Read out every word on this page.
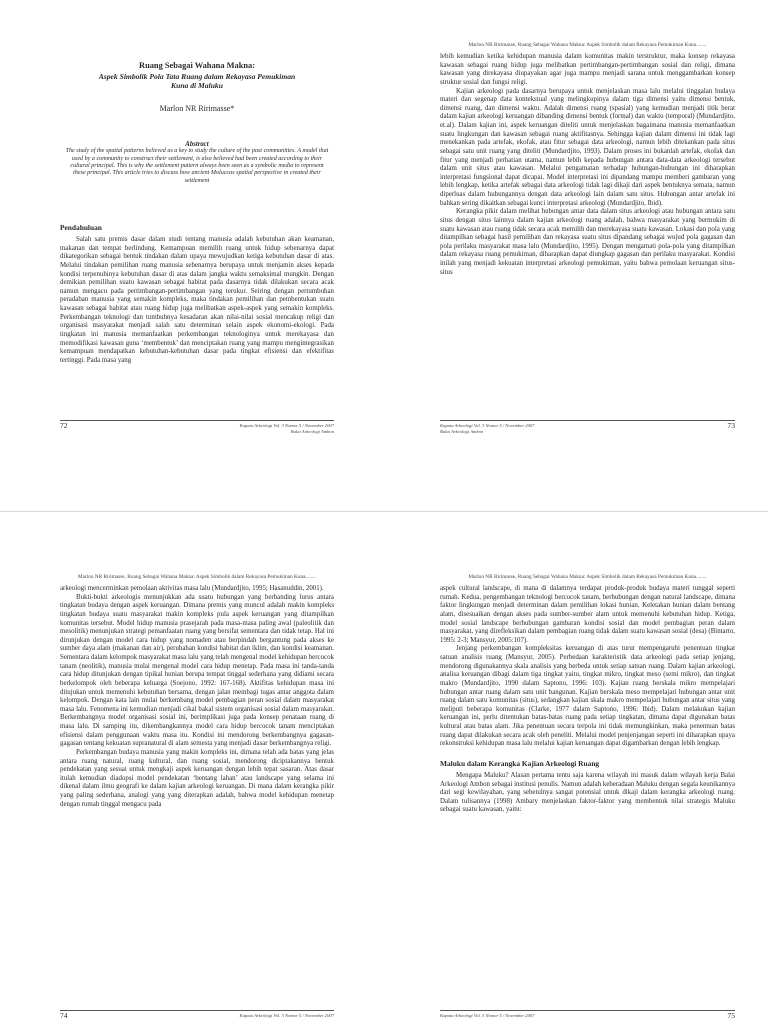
Ruang Sebagai Wahana Makna:
Aspek Simbolik Pola Tata Ruang dalam Rekayasa Pemukiman
Kuna di Maluku
Marlon NR Ririmasse*
Abstract

The study of the spatial patterns believed as a key to study the culture of the past communities. A model that used by a community to construct their settlement, is also believed had been created according to their cultural principal. This is why the settlement pattern always been seen as a symbolic media to represent these principal. This article tries to discuss how ancient Moluccas spatial perspective in created their settlement

Pendahuluan

Salah satu premis dasar dalam studi tentang manusia adalah kebutuhan akan keamanan, makanan dan tempat berlindung. Kemampuan memilih ruang untuk hidup sebenarnya dapat dikategorikan sebagai bentuk tindakan dalam upaya mewujudkan ketiga kebutuhan dasar di atas. Melalui tindakan pemilihan ruang manusia sebenarnya berupaya untuk menjamin akses kepada kondisi terpenuhinya kebutuhan dasar di atas dalam jangka waktu semaksimal mungkin. Dengan demikian pemilihan suatu kawasan sebagai habitat pada dasarnya tidak dilakukan secara acak namun mengacu pada pertimbangan-pertimbangan yang terukur. Seiring dengan pertumbuhan peradaban manusia yang semakin kompleks, maka tindakan pemilihan dan pembentukan suatu kawasan sebagai habitat atau ruang hidup juga melibatkan aspek-aspek yang semakin kompleks. Perkembangan teknologi dan tumbuhnya kesadaran akan nilai-nilai sosial mencakup religi dan organisasi masyarakat menjadi salah satu determinan selain aspek ekonomi-ekologi. Pada tingkatan ini manusia memanfaatkan perkembangan teknologinya untuk merekayasa dan memodifikasi kawasan guna ‘membentuk’ dan menciptakan ruang yang mampu mengintegrasikan kemampuan mendapatkan kebutuhan-kebutuhan dasar pada tingkat efisiensi dan efektifitas tertinggi. Pada masa yang

72	Kapata Arkeologi Vol. 3 Nomor 5 / November 2007
Balai Arkeologi Ambon
Marlon NR Ririmasse, Ruang Sebagai Wahana Makna: Aspek Simbolik dalam Rekayasa Pemukiman Kuna........

lebih kemudian ketika kehidupan manusia dalam komunitas makin terstruktur, maka konsep rekayasa kawasan sebagai ruang hidup juga melibatkan pertimbangan-pertimbangan sosial dan religi, dimana kawasan yang direkayasa diupayakan agar juga mampu menjadi sarana untuk menggambarkan konsep struktur sosial dan fungsi religi.

Kajian arkeologi pada dasarnya berupaya untuk menjelaskan masa lalu melalui tinggalan budaya materi dan segenap data kontekstual yang melingkupinya dalam tiga dimensi yaitu dimensi bentuk, dimensi ruang, dan dimensi waktu. Adalah dimensi ruang (spasial) yang kemudian menjadi titik berat dalam kajian arkeologi keruangan dibanding dimensi bentuk (formal) dan waktu (temporal) (Mundardjito, et.al). Dalam kajian ini, aspek keruangan diteliti untuk menjelaskan bagaimana manusia memanfaatkan suatu lingkungan dan kawasan sebagai ruang aktifitasnya. Sehingga kajian dalam dimensi ini tidak lagi menekankan pada artefak, ekofak, atau fitur sebagai data arkeologi, namun lebih ditekankan pada situs sebagai satu unit ruang yang diteliti (Mundardjito, 1993). Dalam proses ini bukanlah artefak, ekofak dan fitur yang menjadi perhatian utama, namun lebih kepada hubungan antara data-data arkeologi tersebut dalam unit situs atau kawasan. Melalui pengamatan terhadap hubungan-hubungan ini diharapkan interpretasi fungsional dapat dicapai. Model interpretasi ini dipandang mampu memberi gambaran yang lebih lengkap, ketika artefak sebagai data arkeologi tidak lagi dikaji dari aspek bentuknya semata, namun diperluas dalam hubungannya dengan data arkeologi lain dalam satu situs. Hubungan antar artefak ini bahkan sering dikaitkan sebagai kunci interpretasi arkeologi (Mundardjito, Ibid).

Kerangka pikir dalam melihat hubungan antar data dalam situs arkeologi atau hubungan antara satu situs dengan situs lainnya dalam kajian arkeologi ruang adalah, bahwa masyarakat yang bermukim di suatu kawasan atau ruang tidak secara acak memilih dan merekayasa suatu kawasan. Lokasi dan pola yang ditampilkan sebagai hasil pemilihan dan rekayasa suatu situs dipandang sebagai wujud pola gagasan dan pola perilaku masyarakat masa lalu (Mundardjito, 1995). Dengan mengamati pola-pola yang ditampilkan dalam rekayasa ruang pemukiman, diharapkan dapat diungkap gagasan dan perilaku masyarakat. Kondisi inilah yang menjadi kekuatan interpretasi arkeologi pemukiman, yaitu bahwa pemolaan keruangan situs-situs

Kapata Arkeologi Vol. 3 Nomor 5 / November 2007
Balai Arkeologi Ambon
73
Marlon NR Ririmasse, Ruang Sebagai Wahana Makna: Aspek Simbolik dalam Rekayasa Pemukiman Kuna........

arkeologi mencerminkan pemolaan aktivitas masa lalu (Mundardjito, 1995; Hasanuddin, 2001).

Bukti-bukti arkeologis menunjukkan ada suatu hubungan yang berbanding lurus antara tingkatan budaya dengan aspek keruangan. Dimana premis yang muncul adalah makin kompleks tingkatan budaya suatu masyarakat makin kompleks pula aspek keruangan yang ditampilkan komunitas tersebut. Model hidup manusia prasejarah pada masa-masa paling awal (paleolitik dan mesolitik) menunjukan strategi pemanfaatan ruang yang bersifat sementara dan tidak tetap. Hal ini dirunjukan dengan model cara hidup yang nomaden atau berpindah bergantung pada akses ke sumber daya alam (makanan dan air), perubahan kondisi habitat dan iklim, dan kondisi keamanan. Sementara dalam kelompok masyarakat masa lalu yang telah mengenal model kehidupan bercocok tanam (neolitik), manusia mulai mengenal model cara hidup menetap. Pada masa ini tanda-tanda cara hidup ditunjukan dengan tipikal hunian berupa tempat tinggal sederhana yang didiami secara berkelompok oleh beberapa keluarga (Soejono, 1992: 167-168). Aktifitas kehidupan masa ini ditujukan untuk memenuhi kebutuhan bersama, dengan jalan membagi tugas antar anggota dalam kelompok. Dengan kata lain mulai berkembang model pembagian peran sosial dalam masyarakat masa lalu. Fenomena ini kemudian menjadi cikal bakal sistem organisasi sosial dalam masyarakat. Berkembangnya model organisasi sosial ini, berimplikasi juga pada konsep penataan ruang di masa lalu. Di samping itu, dikembangkannya model cara hidup bercocok tanam menciptakan efisiensi dalam penggunaan waktu masa itu. Kondisi ini mendorong berkembangnya gagasan-gagasan tentang kekuatan supranatural di alam semesta yang menjadi dasar berkembangnya religi.

Perkembangan budaya manusia yang makin kompleks ini, dimana telah ada batas yang jelas antara ruang natural, ruang kultural, dan ruang sosial, mendorong diciptakannya bentuk pendekatan yang sesuai untuk mengkaji aspek keruangan dengan lebih tepat sasaran. Atas dasar itulah kemudian diadopsi model pendekatan ‘bentang lahan’ atau landscape yang selama ini dikenal dalam ilmu geografi ke dalam kajian arkeologi keruangan. Di mana dalam kerangka pikir yang paling sederhana, analogi yang yang diterapkan adalah, bahwa model kehidupan menetap dengan rumah tinggal mengacu pada

74	Kapata Arkeologi Vol. 3 Nomor 5 / November 2007
Marlon NR Ririmasse, Ruang Sebagai Wahana Makna: Aspek Simbolik dalam Rekayasa Pemukiman Kuna........

aspek cultural landscape, di mana di dalamnya terdapat produk-produk budaya materi tunggal seperti rumah. Kedua, pengembangan teknologi bercocok tanam, berhubungan dengan natural landscape, dimana faktor lingkungan menjadi determinan dalam pemilihan lokasi hunian. Keletakan hunian dalam bentang alam, disesuaikan dengan akses pada sumber-sumber alam untuk memenuhi kebutuhan hidup. Ketiga, model sosial landscape berhubungan gambaran kondisi sosial dan model pembagian peran dalam masyarakat, yang direfleksikan dalam pembagian ruang tidak dalam suatu kawasan sosial (desa) (Bintarto, 1995: 2-3; Mansyur, 2005:107).

Jenjang perkembangan kompleksitas keruangan di atas turut mempengaruhi penentuan tingkat satuan analisis ruang (Mansyur, 2005). Perbedaan karakteristik data arkeologi pada setiap jenjang, mendorong digunakannya skala analisis yang berbeda untuk setiap satuan ruang. Dalam kajian arkeologi, analisa keruangan dibagi dalam tiga tingkat yaitu, tingkat mikro, tingkat meso (semi mikro), dan tingkat makro (Mundardjito, 1990 dalam Saptono, 1996: 103). Kajian ruang berskala mikro mempelajari hubungan antar ruang dalam satu unit bangunan. Kajian berskala meso mempelajari hubungan antar unit ruang dalam satu komunitas (situs), sedangkan kajian skala makro mempelajari hubungan antar situs yang meliputi beberapa komunitas (Clarke, 1977 dalam Saptono, 1996: Ibid). Dalam melakukan kajian keruangan ini, perlu ditentukan batas-batas ruang pada setiap tingkatan, dimana dapat digunakan batas kultural atau batas alam. Jika penentuan secara terpola ini tidak memungkinkan, maka penentuan batas ruang dapat dilakukan secara acak oleh peneliti. Melalui model penjenjangan seperti ini diharapkan upaya rekonstruksi kehidupan masa lalu melalui kajian keruangan dapat digambarkan dengan lebih lengkap.

Maluku dalam Kerangka Kajian Arkeologi Ruang

Mengapa Maluku? Alasan pertama tentu saja karena wilayah ini masuk dalam wilayah kerja Balai Arkeologi Ambon sebagai institusi penulis. Namun adalah keberadaan Maluku dengan segala keunikannya dari segi kewilayahan, yang sebetulnya sangat potensial untuk dikaji dalam kerangka arkeologi ruang. Dalam tulisannya (1998) Ambary menjelaskan faktor-faktor yang membentuk nilai strategis Maluku sebagai suatu kawasan, yaitu:

Kapata Arkeologi Vol. 3 Nomor 5 / November 2007	75
